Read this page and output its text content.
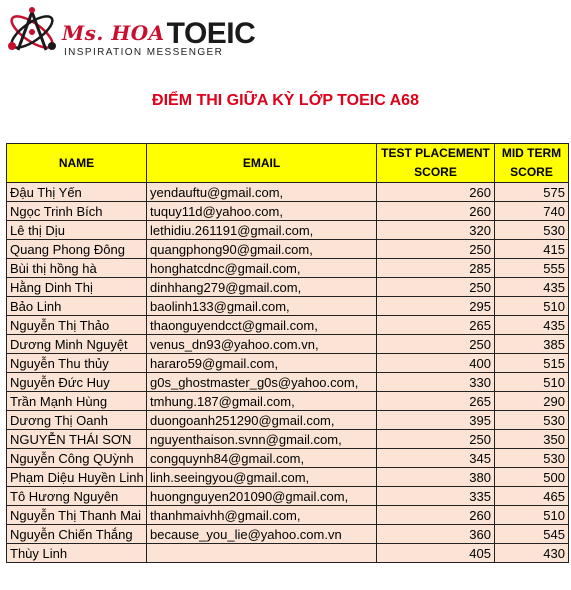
Ms. HOATOEIC
INSPIRATION MESSENGER
ĐIỂM THI GIỮA KỲ LỚP TOEIC A68
NAME	EMAIL	TEST PLACEMENT SCORE	MID TERM SCORE
Đậu Thị Yến	yendauftu@gmail.com,	260	575
Ngọc Trinh Bích	tuquy11d@yahoo.com,	260	740
Lê thị Dịu	lethidiu.261191@gmail.com,	320	530
Quang Phong Đông	quangphong90@gmail.com,	250	415
Bùi thị hồng hà	honghatcdnc@gmail.com,	285	555
Hằng Dinh Thị	dinhhang279@gmail.com,	250	435
Bảo Linh	baolinh133@gmail.com,	295	510
Nguyễn Thị Thảo	thaonguyendcct@gmail.com,	265	435
Dương Minh Nguyệt	venus_dn93@yahoo.com.vn,	250	385
Nguyễn Thu thủy	hararo59@gmail.com,	400	515
Nguyễn Đức Huy	g0s_ghostmaster_g0s@yahoo.com,	330	510
Trần Mạnh Hùng	tmhung.187@gmail.com,	265	290
Dương Thị Oanh	duongoanh251290@gmail.com,	395	530
NGUYỄN THÁI SƠN	nguyenthaison.svnn@gmail.com,	250	350
Nguyễn Công QUỳnh	congquynh84@gmail.com,	345	530
Phạm Diệu Huyền Linh	linh.seeingyou@gmail.com,	380	500
Tô Hương Nguyên	huongnguyen201090@gmail.com,	335	465
Nguyễn Thị Thanh Mai	thanhmaivhh@gmail.com,	260	510
Nguyễn Chiến Thắng	because_you_lie@yahoo.com.vn	360	545
Thùy Linh		405	430
